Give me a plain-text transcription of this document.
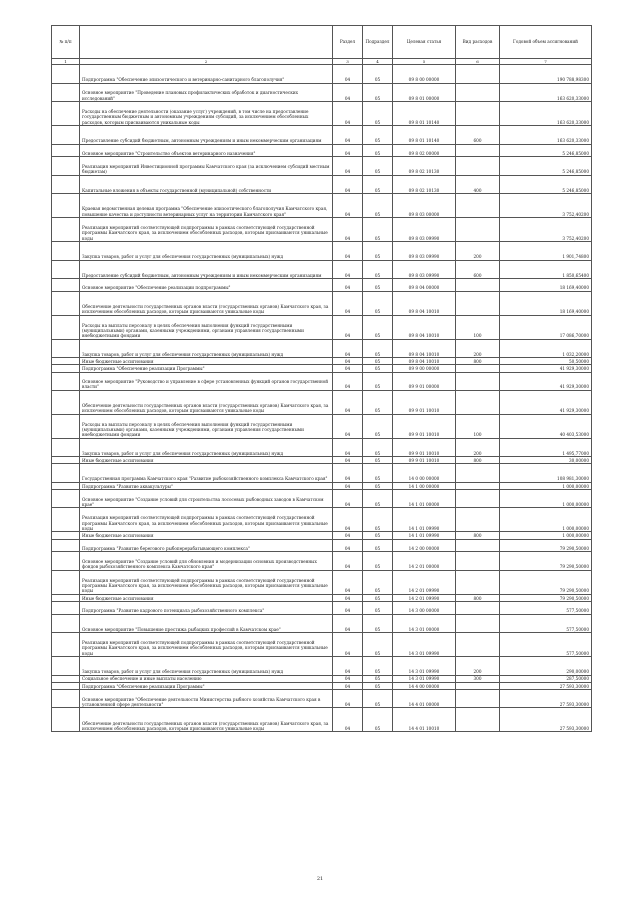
№ п/п		Раздел	Подраздел	Целевая статья	Вид расходов	Годовой объем ассигнований
1	2	3	4	5	6	7
	Подпрограмма "Обеспечение эпизоотического и ветеринарно-санитарного благополучия"	04	05	09 8 00 00000		190 788,98300
	Основное мероприятие "Проведение плановых профилактических обработок и диагностических исследований"	04	05	09 8 01 00000		163 620,33000
	Расходы на обеспечение деятельности (оказание услуг) учреждений, в том числе на предоставление государственным бюджетным и автономным учреждениям субсидий, за исключением обособленных расходов, которым присваиваются уникальные коды	04	05	09 8 01 10140		163 620,33000
	Предоставление субсидий бюджетным, автономным учреждениям и иным некоммерческим организациям	04	05	09 8 01 10140	600	163 620,33000
	Основное мероприятие "Строительство объектов ветеринарного назначения"	04	05	09 8 02 00000		5 246,85000
	Реализация мероприятий Инвестиционной программы Камчатского края (за исключением субсидий местным бюджетам)	04	05	09 8 02 10130		5 246,85000
	Капитальные вложения в объекты государственной (муниципальной) собственности	04	05	09 8 02 10130	400	5 246,85000
	Краевая ведомственная целевая программа "Обеспечение эпизоотического благополучия Камчатского края, повышение качества и доступности ветеринарных услуг на территории Камчатского края"	04	05	09 8 03 00000		3 752,40200
	Реализация мероприятий соответствующей подпрограммы в рамках соответствующей государственной программы Камчатского края, за исключением обособленных расходов, которым присваиваются уникальные коды	04	05	09 8 03 09990		3 752,40200
	Закупка товаров, работ и услуг для обеспечения государственных (муниципальных) нужд	04	05	09 8 03 09990	200	1 901,74800
	Предоставление субсидий бюджетным, автономным учреждениям и иным некоммерческим организациям	04	05	09 8 03 09990	600	1 850,65400
	Основное мероприятие "Обеспечение реализации подпрограммы"	04	05	09 8 04 00000		18 169,40000
	Обеспечение деятельности государственных органов власти (государственных органов) Камчатского края, за исключением обособленных расходов, которым присваиваются уникальные коды	04	05	09 8 04 10010		18 169,40000
	Расходы на выплаты персоналу в целях обеспечения выполнения функций государственными (муниципальными) органами, казенными учреждениями, органами управления государственными внебюджетными фондами	04	05	09 8 04 10010	100	17 086,70000
	Закупка товаров, работ и услуг для обеспечения государственных (муниципальных) нужд	04	05	09 8 04 10010	200	1 032,20000
	Иные бюджетные ассигнования	04	05	09 8 04 10010	800	50,50000
	Подпрограмма "Обеспечение реализации Программы"	04	05	09 9 00 00000		41 929,30000
	Основное мероприятие "Руководство и управление в сфере установленных функций органов государственной власти"	04	05	09 9 01 00000		41 929,30000
	Обеспечение деятельности государственных органов власти (государственных органов) Камчатского края, за исключением обособленных расходов, которым присваиваются уникальные коды	04	05	09 9 01 10010		41 929,30000
	Расходы на выплаты персоналу в целях обеспечения выполнения функций государственными (муниципальными) органами, казенными учреждениями, органами управления государственными внебюджетными фондами	04	05	09 9 01 10010	100	40 403,53000
	Закупка товаров, работ и услуг для обеспечения государственных (муниципальных) нужд	04	05	09 9 01 10010	200	1 495,77000
	Иные бюджетные ассигнования	04	05	09 9 01 10010	800	30,00000
	Государственная программа Камчатского края "Развитие рыбохозяйственного комплекса Камчатского края"	04	05	14 0 00 00000		108 981,30000
	Подпрограмма "Развитие аквакультуры"	04	05	14 1 00 00000		1 000,00000
	Основное мероприятие "Создание условий для строительства лососевых рыбоводных заводов в Камчатском крае"	04	05	14 1 01 00000		1 000,00000
	Реализация мероприятий соответствующей подпрограммы в рамках соответствующей государственной программы Камчатского края, за исключением обособленных расходов, которым присваиваются уникальные коды	04	05	14 1 01 09990		1 000,00000
	Иные бюджетные ассигнования	04	05	14 1 01 09990	800	1 000,00000
	Подпрограмма "Развитие берегового рыбоперерабатывающего комплекса"	04	05	14 2 00 00000		79 290,50000
	Основное мероприятие "Создание условий для обновления и модернизации основных производственных фондов рыбохозяйственного комплекса Камчатского края"	04	05	14 2 01 00000		79 290,50000
	Реализация мероприятий соответствующей подпрограммы в рамках соответствующей государственной программы Камчатского края, за исключением обособленных расходов, которым присваиваются уникальные коды	04	05	14 2 01 09990		79 290,50000
	Иные бюджетные ассигнования	04	05	14 2 01 09990	800	79 290,50000
	Подпрограмма "Развитие кадрового потенциала рыбохозяйственного комплекса"	04	05	14 3 00 00000		577,50000
	Основное мероприятие "Повышение престижа рыбацких профессий в Камчатском крае"	04	05	14 3 01 00000		577,50000
	Реализация мероприятий соответствующей подпрограммы в рамках соответствующей государственной программы Камчатского края, за исключением обособленных расходов, которым присваиваются уникальные коды	04	05	14 3 01 09990		577,50000
	Закупка товаров, работ и услуг для обеспечения государственных (муниципальных) нужд	04	05	14 3 01 09990	200	290,00000
	Социальное обеспечение и иные выплаты населению	04	05	14 3 01 09990	300	287,50000
	Подпрограмма "Обеспечение реализации Программы"	04	05	14 4 00 00000		27 593,30000
	Основное мероприятие "Обеспечение деятельности Министерства рыбного хозяйства Камчатского края в установленной сфере деятельности"	04	05	14 4 01 00000		27 593,30000
	Обеспечение деятельности государственных органов власти (государственных органов) Камчатского края, за исключением обособленных расходов, которым присваиваются уникальные коды	04	05	14 4 01 10010		27 593,30000
21
